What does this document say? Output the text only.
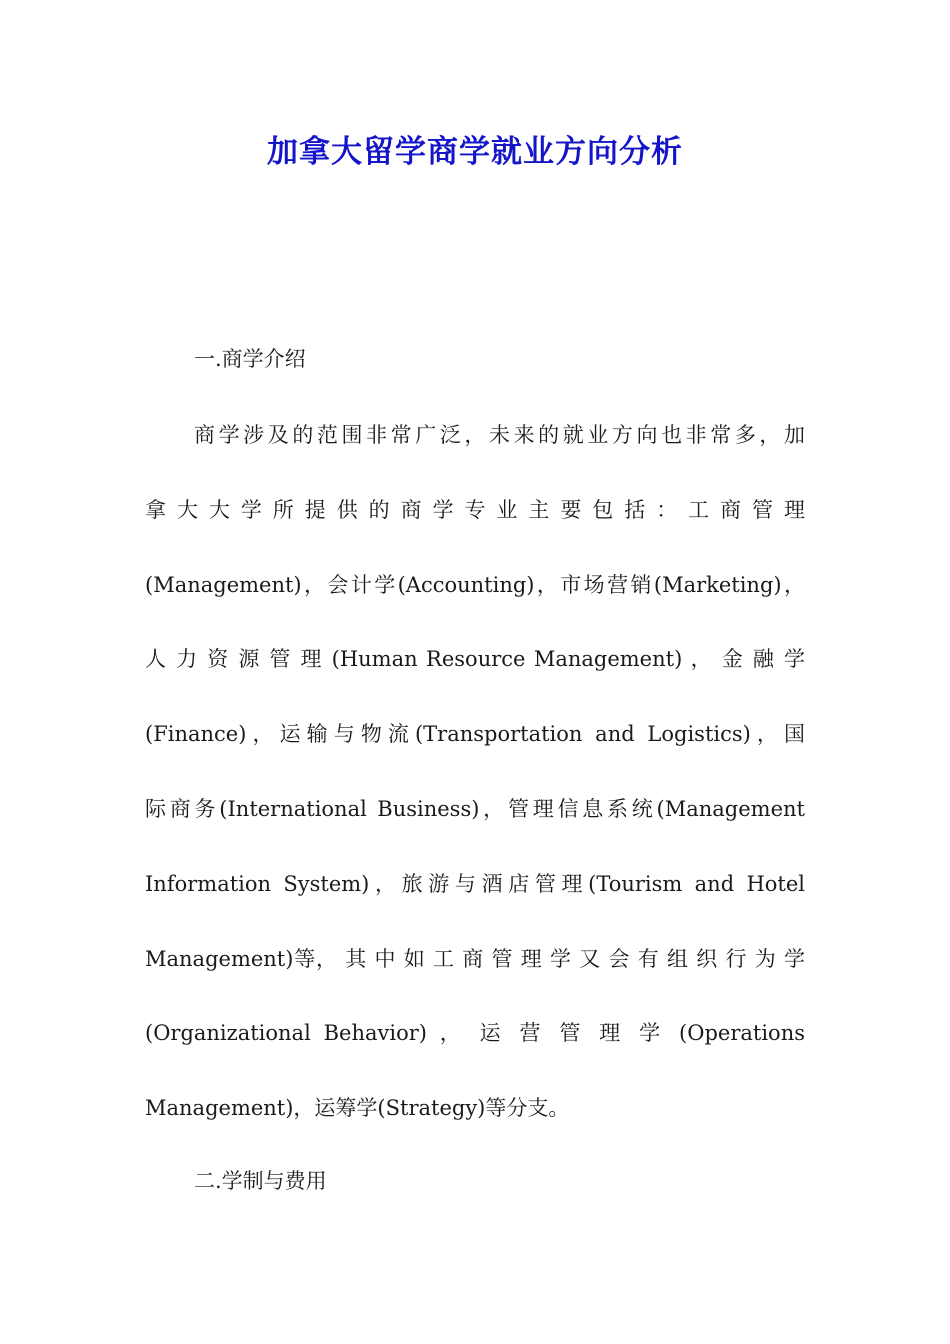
加拿大留学商学就业方向分析

一.商学介绍

商学涉及的范围非常广泛，未来的就业方向也非常多，加
拿 大 大 学 所 提 供 的 商 学 专 业 主 要 包 括 ： 工 商 管 理
(Management)，会计学(Accounting)，市场营销(Marketing)，
人 力 资 源 管 理 (Human Resource Management) ， 金 融 学
(Finance)，运输与物流(Transportation and Logistics)，国
际商务(International Business)，管理信息系统(Management
Information System)，旅游与酒店管理(Tourism and Hotel
Management)等， 其 中 如 工 商 管 理 学 又 会 有 组 织 行 为 学
(Organizational Behavior) ， 运 营 管 理 学 (Operations
Management)，运筹学(Strategy)等分支。

二.学制与费用
